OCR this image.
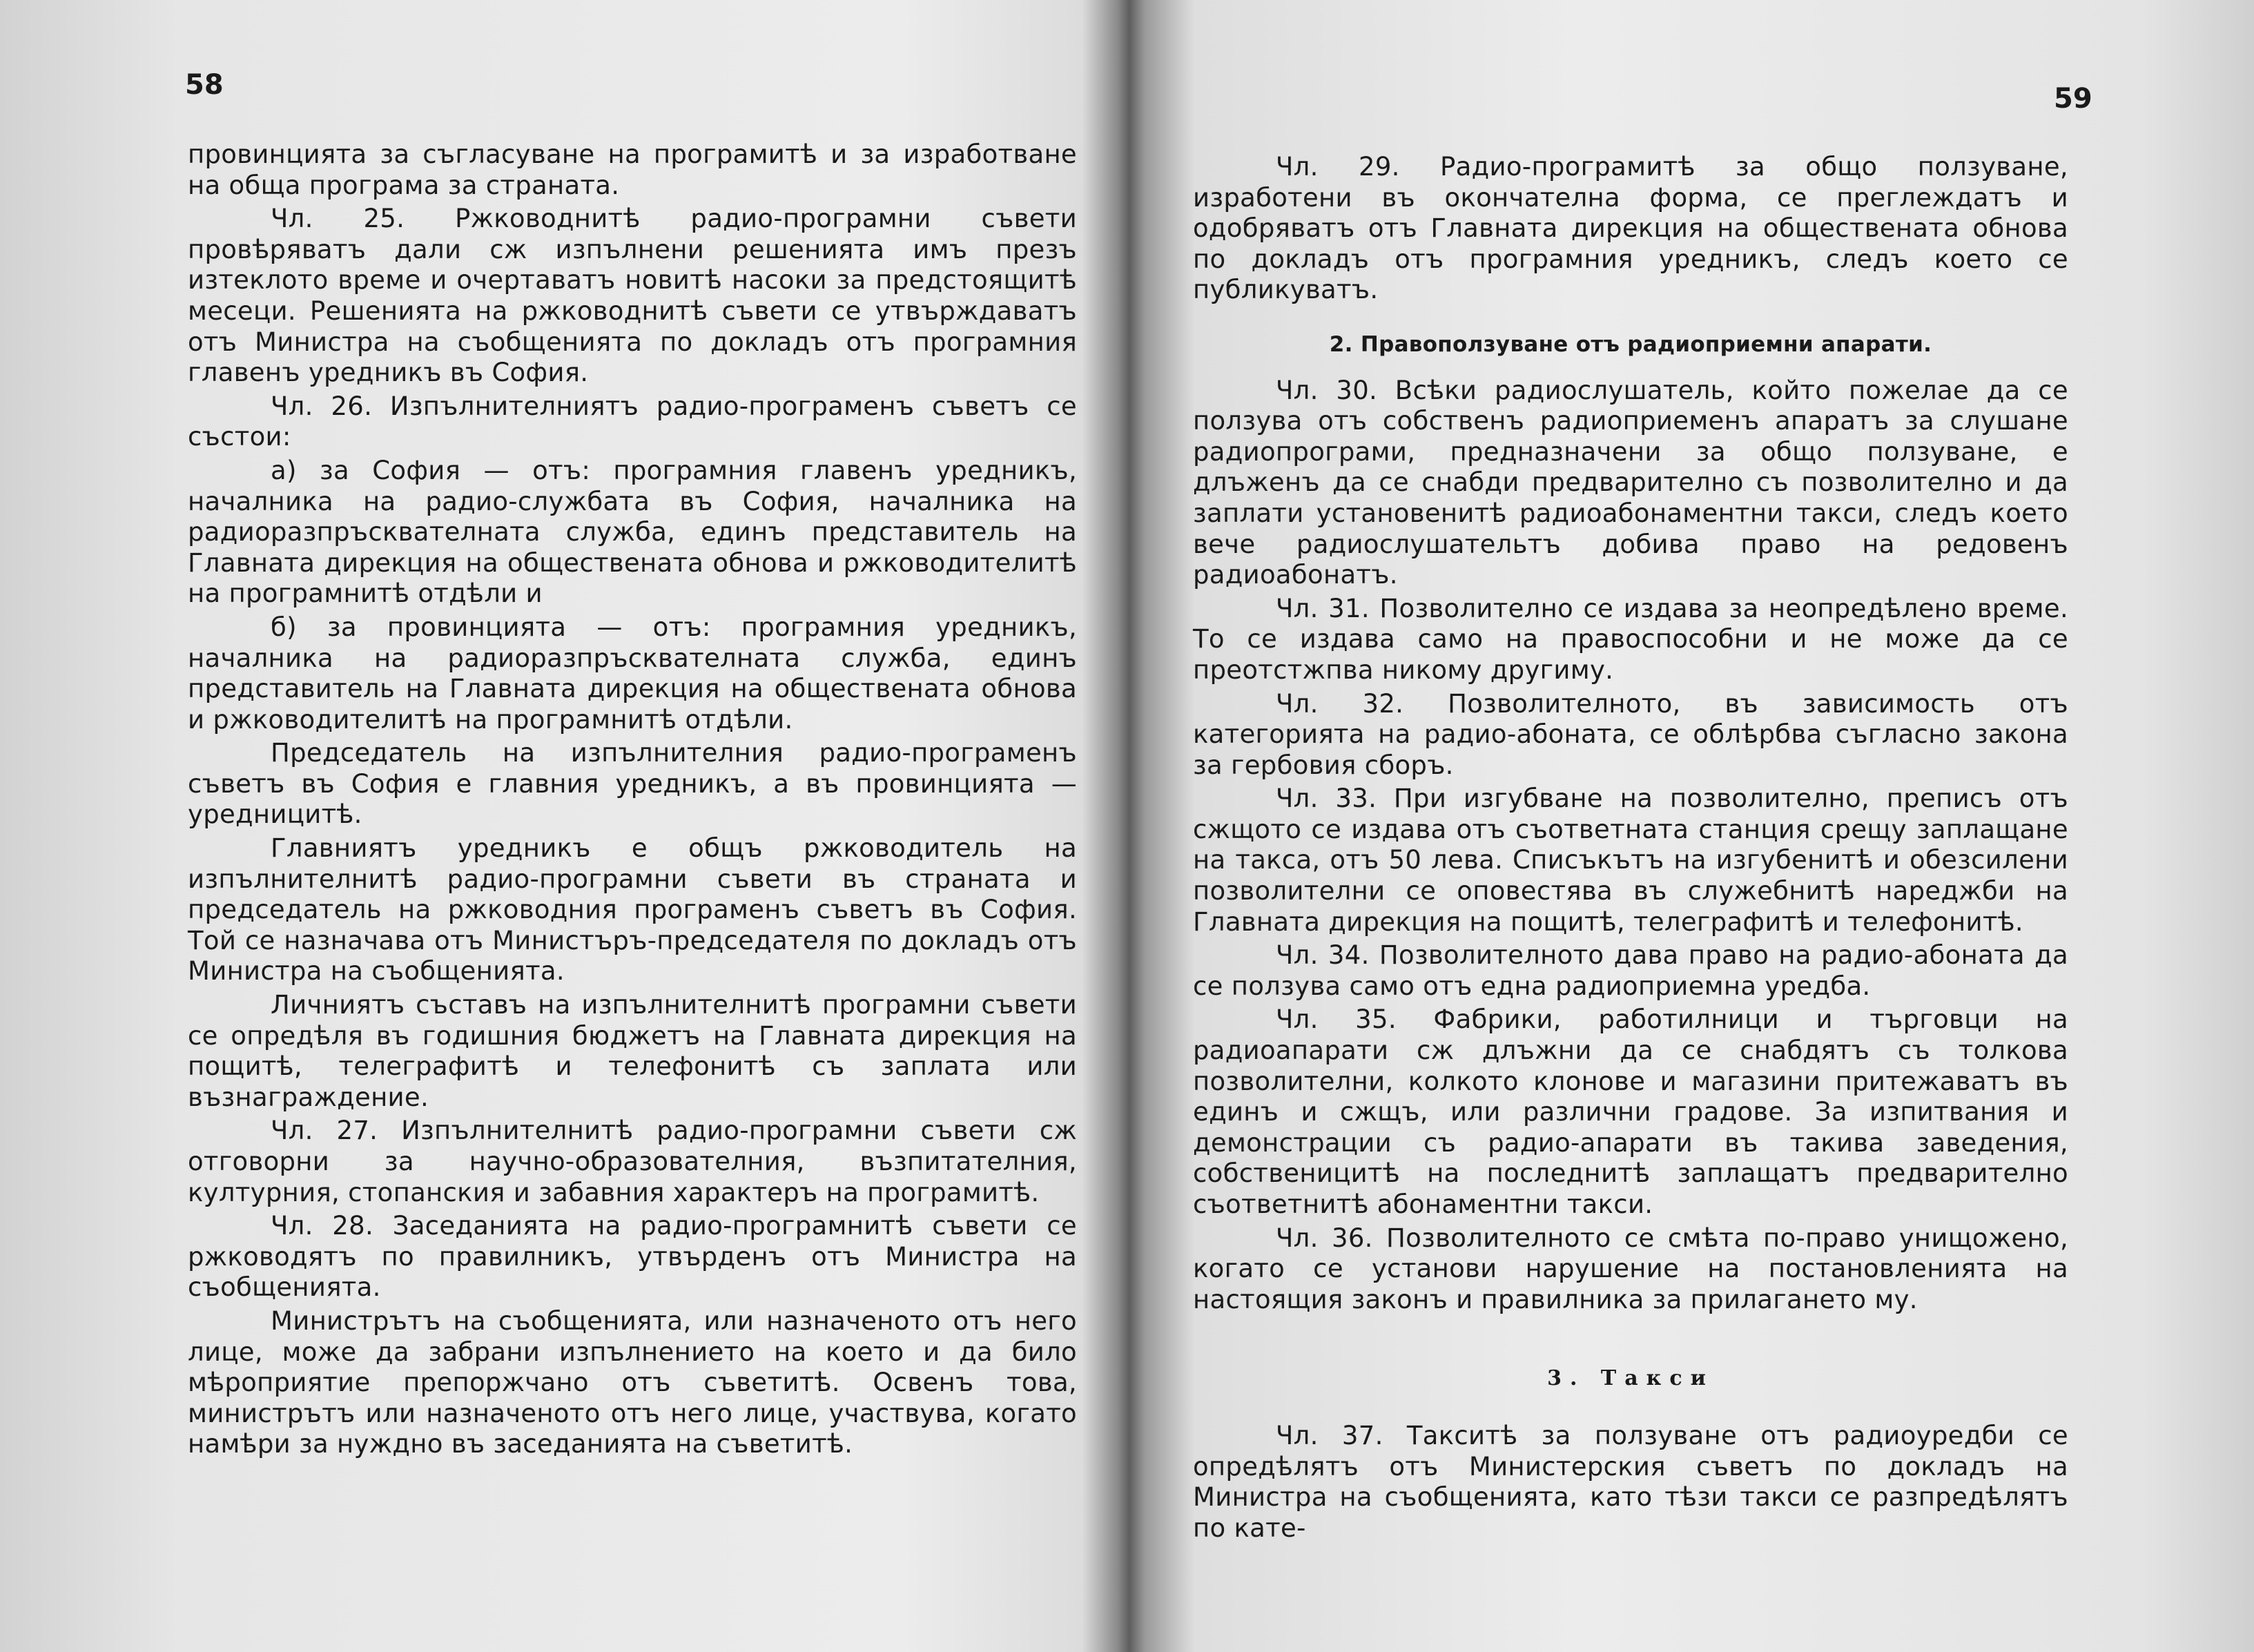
58

провинцията за съгласуване на програмитѣ и за изработване на обща програма за страната.

Чл. 25. Ржководнитѣ радио-програмни съвети провѣряватъ дали сж изпълнени решенията имъ презъ изтеклото време и очертаватъ новитѣ насоки за предстоящитѣ месеци. Решенията на ржководнитѣ съвети се утвърждаватъ отъ Министра на съобщенията по докладъ отъ програмния главенъ уредникъ въ София.

Чл. 26. Изпълнителниятъ радио-програменъ съветъ се състои:

а) за София — отъ: програмния главенъ уредникъ, началника на радио-службата въ София, началника на радиоразпръсквателната служба, единъ представитель на Главната дирекция на общественатa обнова и ржководителитѣ на програмнитѣ отдѣли и

б) за провинцията — отъ: програмния уредникъ, началника на радиоразпръсквателната служба, единъ представитель на Главната дирекция на общественатa обнова и ржководителитѣ на програмнитѣ отдѣли.

Председатель на изпълнителния радио-програменъ съветъ въ София е главния уредникъ, а въ провинцията — уредницитѣ.

Главниятъ уредникъ е общъ ржководитель на изпълнителнитѣ радио-програмни съвети въ страната и председатель на ржководния програменъ съветъ въ София. Той се назначава отъ Министъръ-председателя по докладъ отъ Министра на съобщенията.

Личниятъ съставъ на изпълнителнитѣ програмни съвети се опредѣля въ годишния бюджетъ на Главната дирекция на пощитѣ, телеграфитѣ и телефонитѣ съ заплата или възнаграждение.

Чл. 27. Изпълнителнитѣ радио-програмни съвети сж отговорни за научно-образователния, възпитателния, културния, стопанския и забавния характеръ на програмитѣ.

Чл. 28. Заседанията на радио-програмнитѣ съвети се ржководятъ по правилникъ, утвърденъ отъ Министра на съобщенията.

Министрътъ на съобщенията, или назначеното отъ него лице, може да забрани изпълнението на което и да било мѣроприятие препоржчано отъ съветитѣ. Освенъ това, министрътъ или назначеното отъ него лице, участвува, когато намѣри за нуждно въ заседанията на съветитѣ.

59

Чл. 29. Радио-програмитѣ за общо ползуване, изработени въ окончателна форма, се преглеждатъ и одобряватъ отъ Главната дирекция на общественатa обнова по докладъ отъ програмния уредникъ, следъ което се публикуватъ.

2. Правоползуване отъ радиоприемни апарати.

Чл. 30. Всѣки радиослушатель, който пожелае да се ползува отъ собственъ радиоприеменъ апаратъ за слушане радиопрограми, предназначени за общо ползуване, е длъженъ да се снабди предварително съ позволително и да заплати установенитѣ радиоабонаментни такси, следъ което вече радиослушательтъ добива право на редовенъ радиоабонатъ.

Чл. 31. Позволително се издава за неопредѣлено време. То се издава само на правоспособни и не може да се преотстжпва никому другиму.

Чл. 32. Позволителното, въ зависимость отъ категорията на радио-абоната, се облѣрбва съгласно закона за гербовия сборъ.

Чл. 33. При изгубване на позволително, преписъ отъ сжщото се издава отъ съответната станция срещу заплащане на такса, отъ 50 лева. Списъкътъ на изгубенитѣ и обезсилени позволителни се оповестява въ служебнитѣ нареджби на Главната дирекция на пощитѣ, телеграфитѣ и телефонитѣ.

Чл. 34. Позволителното дава право на радио-абоната да се ползува само отъ една радиоприемна уредба.

Чл. 35. Фабрики, работилници и търговци на радиоапарати сж длъжни да се снабдятъ съ толкова позволителни, колкото клонове и магазини притежаватъ въ единъ и сжщъ, или различни градове. За изпитвания и демонстрации съ радио-апарати въ такива заведения, собственицитѣ на последнитѣ заплащатъ предварително съответнитѣ абонаментни такси.

Чл. 36. Позволителното се смѣта по-право унищожено, когато се установи нарушение на постановленията на настоящия законъ и правилника за прилагането му.

3. Такси

Чл. 37. Такситѣ за ползуване отъ радиоуредби се опредѣлятъ отъ Министерския съветъ по докладъ на Министра на съобщенията, като тѣзи такси се разпредѣлятъ по кате-
